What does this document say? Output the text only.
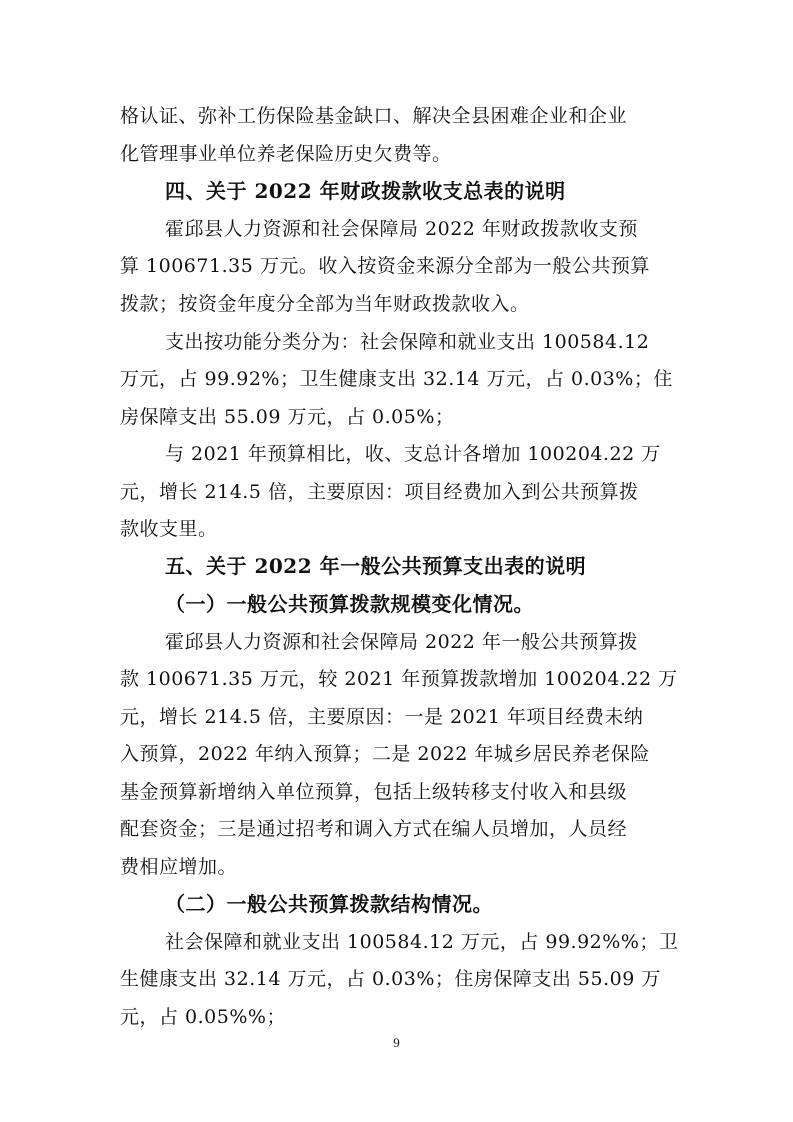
格认证、弥补工伤保险基金缺口、解决全县困难企业和企业
化管理事业单位养老保险历史欠费等。
四、关于 2022 年财政拨款收支总表的说明
霍邱县人力资源和社会保障局 2022 年财政拨款收支预
算 100671.35 万元。收入按资金来源分全部为一般公共预算
拨款；按资金年度分全部为当年财政拨款收入。
支出按功能分类分为：社会保障和就业支出 100584.12
万元，占 99.92%；卫生健康支出 32.14 万元，占 0.03%；住
房保障支出 55.09 万元，占 0.05%；
与 2021 年预算相比，收、支总计各增加 100204.22 万
元，增长 214.5 倍，主要原因：项目经费加入到公共预算拨
款收支里。
五、关于 2022 年一般公共预算支出表的说明
（一）一般公共预算拨款规模变化情况。
霍邱县人力资源和社会保障局 2022 年一般公共预算拨
款 100671.35 万元，较 2021 年预算拨款增加 100204.22 万
元，增长 214.5 倍，主要原因：一是 2021 年项目经费未纳
入预算，2022 年纳入预算；二是 2022 年城乡居民养老保险
基金预算新增纳入单位预算，包括上级转移支付收入和县级
配套资金；三是通过招考和调入方式在编人员增加，人员经
费相应增加。
（二）一般公共预算拨款结构情况。
社会保障和就业支出 100584.12 万元，占 99.92%%；卫
生健康支出 32.14 万元，占 0.03%；住房保障支出 55.09 万
元，占 0.05%%；
9
